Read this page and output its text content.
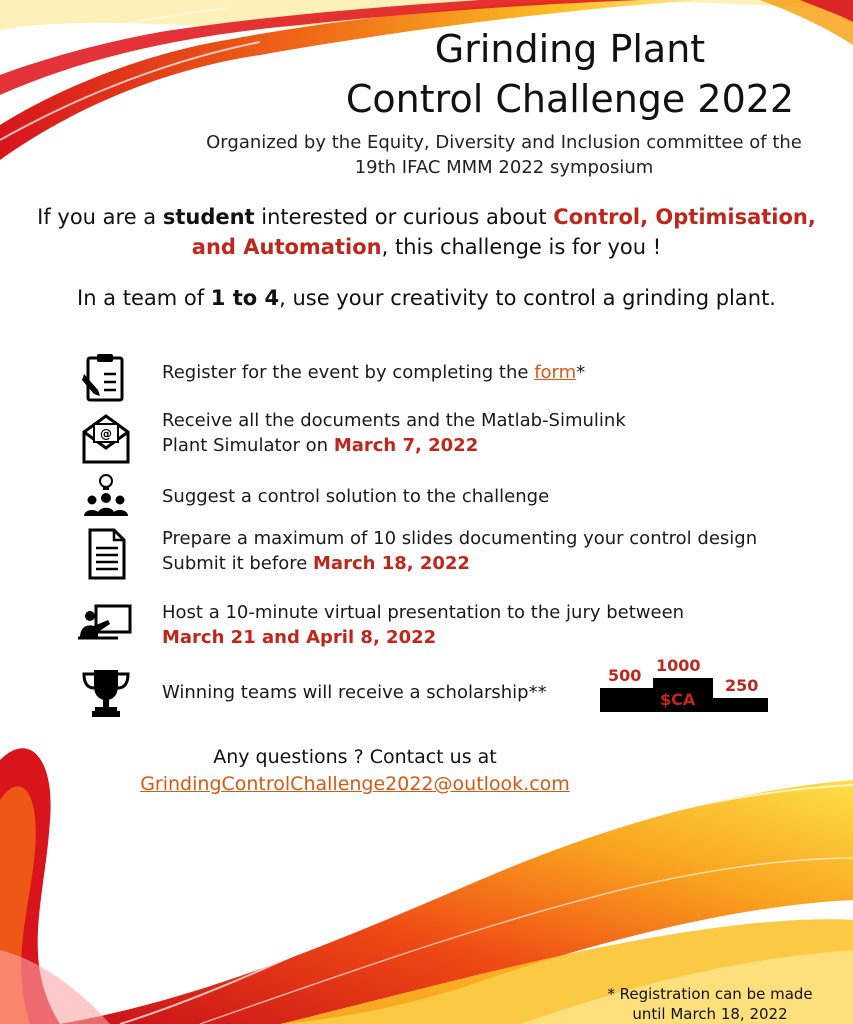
Grinding Plant
Control Challenge 2022
Organized by the Equity, Diversity and Inclusion committee of the
19th IFAC MMM 2022 symposium
If you are a student interested or curious about Control, Optimisation,
and Automation, this challenge is for you !
In a team of 1 to 4, use your creativity to control a grinding plant.
Register for the event by completing the form*
@
Receive all the documents and the Matlab-Simulink
Plant Simulator on March 7, 2022
Suggest a control solution to the challenge
Prepare a maximum of 10 slides documenting your control design
Submit it before March 18, 2022
Host a 10-minute virtual presentation to the jury between
March 21 and April 8, 2022
Winning teams will receive a scholarship**
1000
500
250
$CA
Any questions ? Contact us at
GrindingControlChallenge2022@outlook.com
* Registration can be made
until March 18, 2022
